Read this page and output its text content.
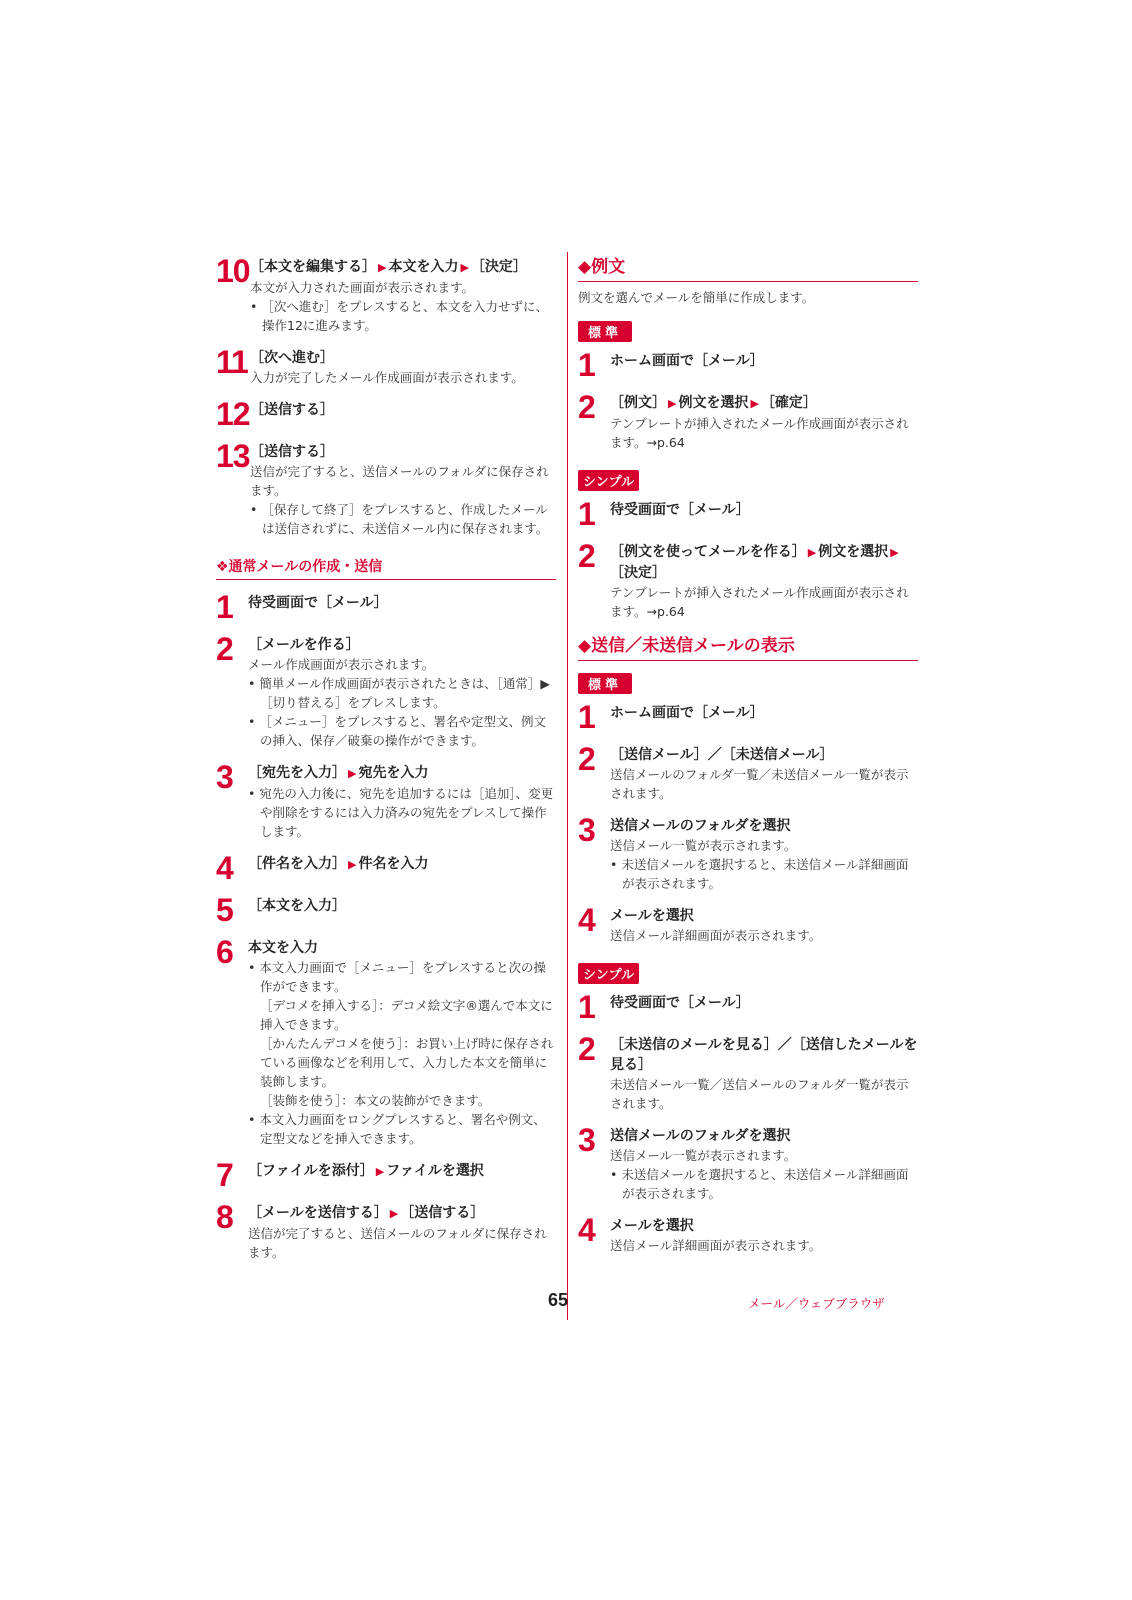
10 ［本文を編集する］ ▶ 本文を入力 ▶ ［決定］
本文が入力された画面が表示されます。
• ［次へ進む］をプレスすると、本文を入力せずに、操作12に進みます。
11 ［次へ進む］
入力が完了したメール作成画面が表示されます。
12 ［送信する］
13 ［送信する］
送信が完了すると、送信メールのフォルダに保存されます。
• ［保存して終了］をプレスすると、作成したメールは送信されずに、未送信メール内に保存されます。
❖通常メールの作成・送信
1	待受画面で［メール］
2	［メールを作る］
メール作成画面が表示されます。
• 簡単メール作成画面が表示されたときは、［通常］▶［切り替える］をプレスします。
• ［メニュー］をプレスすると、署名や定型文、例文の挿入、保存／破棄の操作ができます。
3	［宛先を入力］ ▶ 宛先を入力
• 宛先の入力後に、宛先を追加するには［追加］、変更や削除をするには入力済みの宛先をプレスして操作します。
4	［件名を入力］ ▶ 件名を入力
5	［本文を入力］
6	本文を入力
• 本文入力画面で［メニュー］をプレスすると次の操作ができます。
［デコメを挿入する］：デコメ絵文字®選んで本文に挿入できます。
［かんたんデコメを使う］：お買い上げ時に保存されている画像などを利用して、入力した本文を簡単に装飾します。
［装飾を使う］：本文の装飾ができます。
• 本文入力画面をロングプレスすると、署名や例文、定型文などを挿入できます。
7	［ファイルを添付］ ▶ ファイルを選択
8	［メールを送信する］ ▶ ［送信する］
送信が完了すると、送信メールのフォルダに保存されます。
◆例文
例文を選んでメールを簡単に作成します。
標準
1	ホーム画面で［メール］
2	［例文］ ▶ 例文を選択 ▶ ［確定］
テンプレートが挿入されたメール作成画面が表示されます。→p.64
シンプル
1	待受画面で［メール］
2	［例文を使ってメールを作る］ ▶ 例文を選択 ▶［決定］
テンプレートが挿入されたメール作成画面が表示されます。→p.64
◆送信／未送信メールの表示
標準
1	ホーム画面で［メール］
2	［送信メール］／［未送信メール］
送信メールのフォルダ一覧／未送信メール一覧が表示されます。
3	送信メールのフォルダを選択
送信メール一覧が表示されます。
• 未送信メールを選択すると、未送信メール詳細画面が表示されます。
4	メールを選択
送信メール詳細画面が表示されます。
シンプル
1	待受画面で［メール］
2	［未送信のメールを見る］／［送信したメールを見る］
未送信メール一覧／送信メールのフォルダ一覧が表示されます。
3	送信メールのフォルダを選択
送信メール一覧が表示されます。
• 未送信メールを選択すると、未送信メール詳細画面が表示されます。
4	メールを選択
送信メール詳細画面が表示されます。
65	メール／ウェブブラウザ
